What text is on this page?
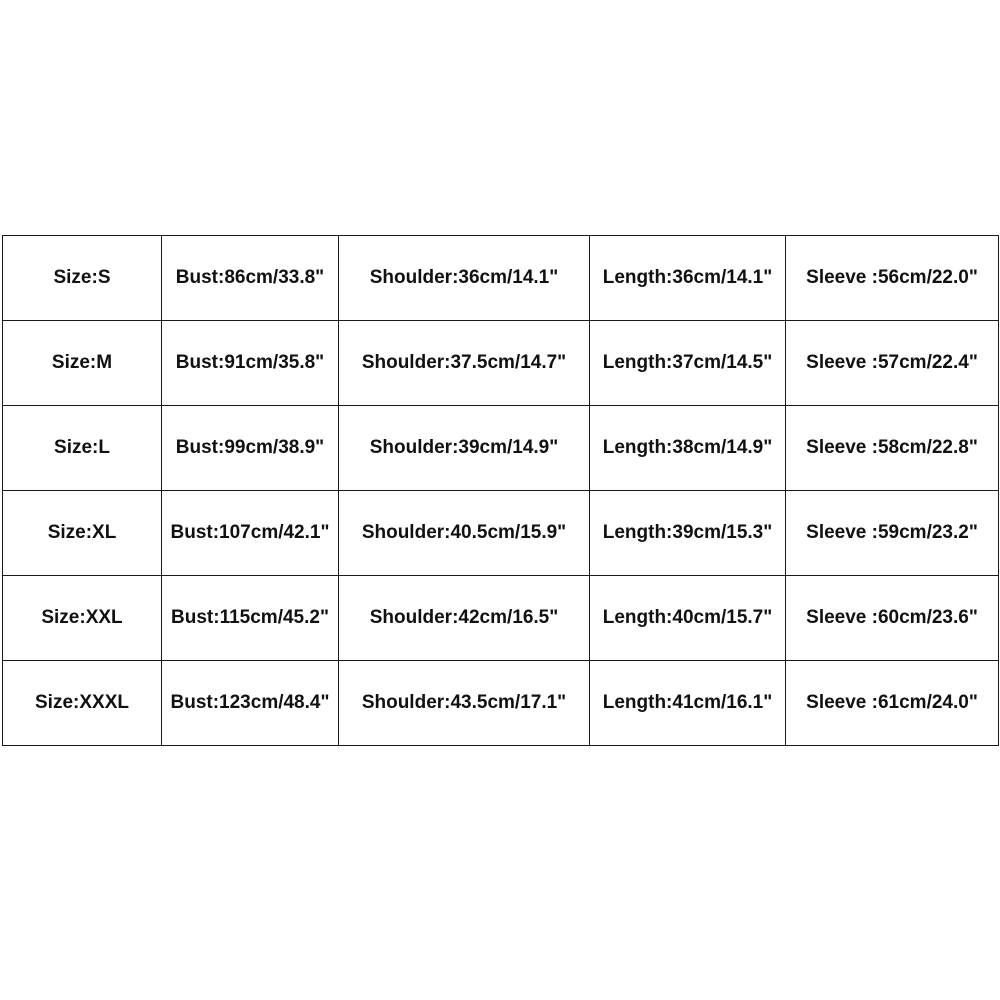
Size:S	Bust:86cm/33.8"	Shoulder:36cm/14.1"	Length:36cm/14.1"	Sleeve :56cm/22.0"
Size:M	Bust:91cm/35.8"	Shoulder:37.5cm/14.7"	Length:37cm/14.5"	Sleeve :57cm/22.4"
Size:L	Bust:99cm/38.9"	Shoulder:39cm/14.9"	Length:38cm/14.9"	Sleeve :58cm/22.8"
Size:XL	Bust:107cm/42.1"	Shoulder:40.5cm/15.9"	Length:39cm/15.3"	Sleeve :59cm/23.2"
Size:XXL	Bust:115cm/45.2"	Shoulder:42cm/16.5"	Length:40cm/15.7"	Sleeve :60cm/23.6"
Size:XXXL	Bust:123cm/48.4"	Shoulder:43.5cm/17.1"	Length:41cm/16.1"	Sleeve :61cm/24.0"
